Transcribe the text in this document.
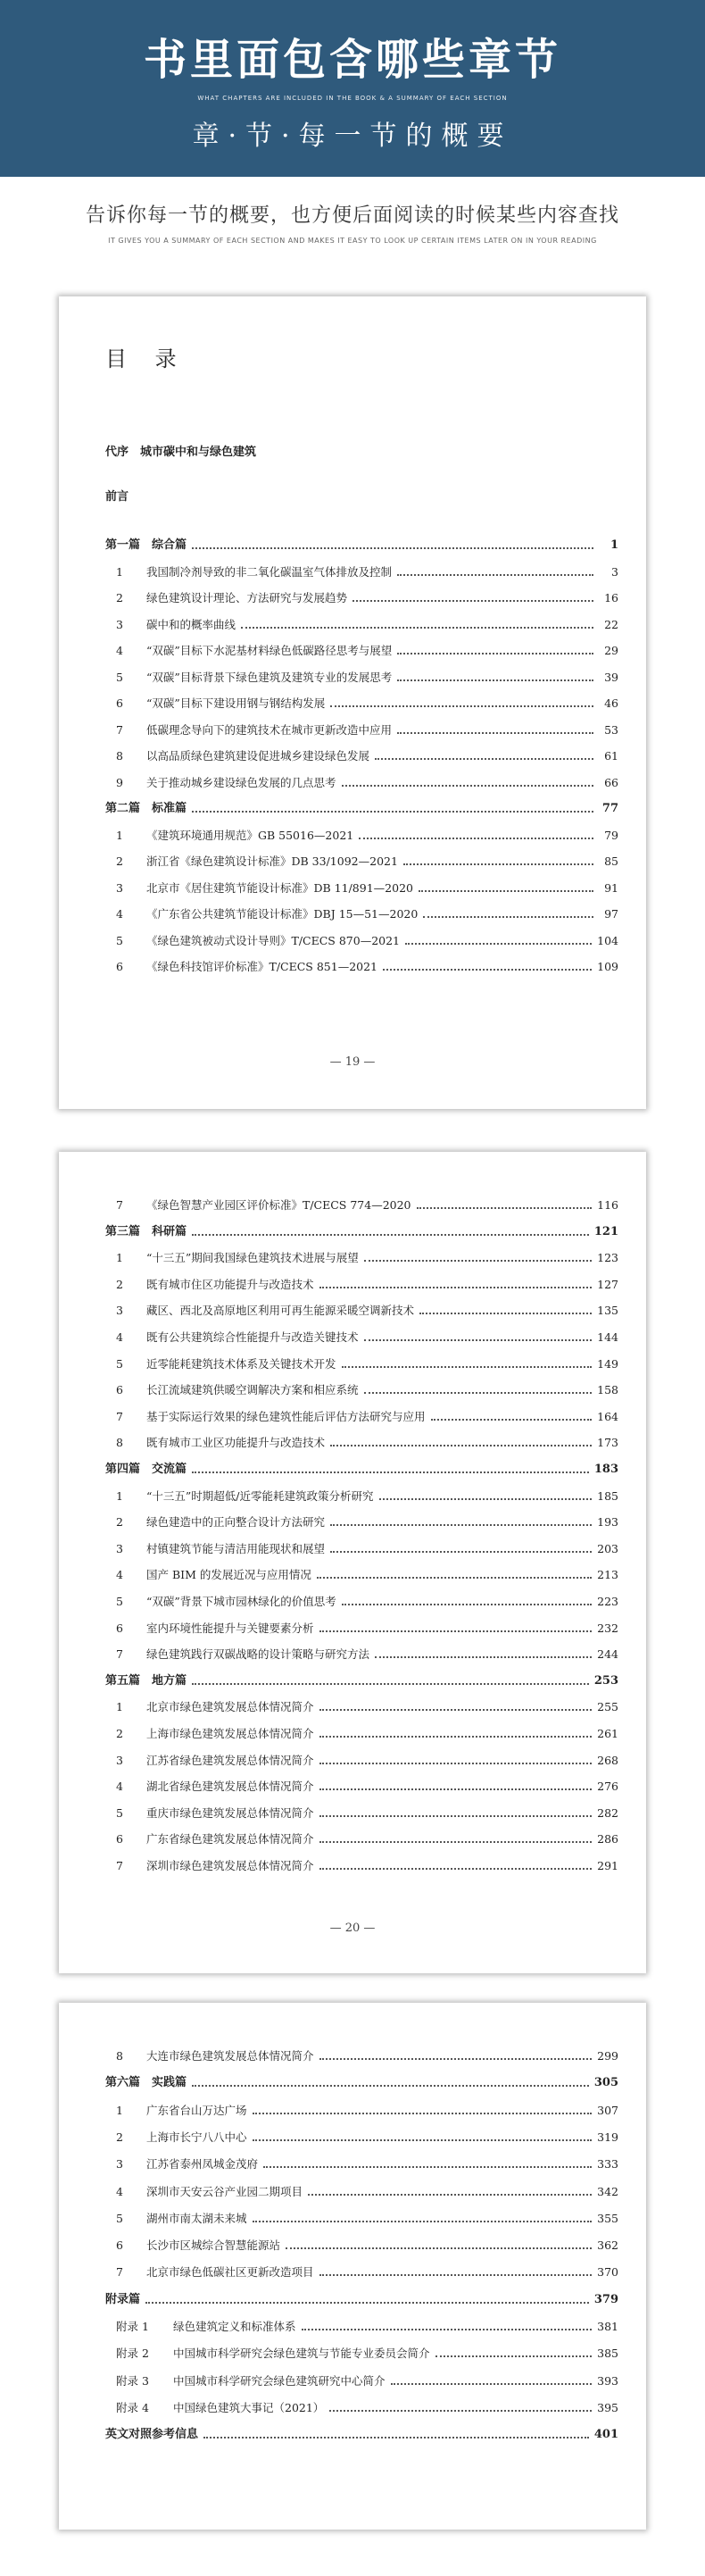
书里面包含哪些章节
WHAT CHAPTERS ARE INCLUDED IN THE BOOK & A SUMMARY OF EACH SECTION
章·节·每一节的概要
告诉你每一节的概要，也方便后面阅读的时候某些内容查找
IT GIVES YOU A SUMMARY OF EACH SECTION AND MAKES IT EASY TO LOOK UP CERTAIN ITEMS LATER ON IN YOUR READING
目 录
代序　城市碳中和与绿色建筑
前言
— 19 —
第一篇　综合篇	1
1	我国制冷剂导致的非二氧化碳温室气体排放及控制	3
2	绿色建筑设计理论、方法研究与发展趋势	16
3	碳中和的概率曲线	22
4	“双碳”目标下水泥基材料绿色低碳路径思考与展望	29
5	“双碳”目标背景下绿色建筑及建筑专业的发展思考	39
6	“双碳”目标下建设用钢与钢结构发展	46
7	低碳理念导向下的建筑技术在城市更新改造中应用	53
8	以高品质绿色建筑建设促进城乡建设绿色发展	61
9	关于推动城乡建设绿色发展的几点思考	66
第二篇　标准篇	77
1	《建筑环境通用规范》GB 55016—2021	79
2	浙江省《绿色建筑设计标准》DB 33/1092—2021	85
3	北京市《居住建筑节能设计标准》DB 11/891—2020	91
4	《广东省公共建筑节能设计标准》DBJ 15—51—2020	97
5	《绿色建筑被动式设计导则》T/CECS 870—2021	104
6	《绿色科技馆评价标准》T/CECS 851—2021	109
— 20 —
7	《绿色智慧产业园区评价标准》T/CECS 774—2020	116
第三篇　科研篇	121
1	“十三五”期间我国绿色建筑技术进展与展望	123
2	既有城市住区功能提升与改造技术	127
3	藏区、西北及高原地区利用可再生能源采暖空调新技术	135
4	既有公共建筑综合性能提升与改造关键技术	144
5	近零能耗建筑技术体系及关键技术开发	149
6	长江流域建筑供暖空调解决方案和相应系统	158
7	基于实际运行效果的绿色建筑性能后评估方法研究与应用	164
8	既有城市工业区功能提升与改造技术	173
第四篇　交流篇	183
1	“十三五”时期超低/近零能耗建筑政策分析研究	185
2	绿色建造中的正向整合设计方法研究	193
3	村镇建筑节能与清洁用能现状和展望	203
4	国产 BIM 的发展近况与应用情况	213
5	“双碳”背景下城市园林绿化的价值思考	223
6	室内环境性能提升与关键要素分析	232
7	绿色建筑践行双碳战略的设计策略与研究方法	244
第五篇　地方篇	253
1	北京市绿色建筑发展总体情况简介	255
2	上海市绿色建筑发展总体情况简介	261
3	江苏省绿色建筑发展总体情况简介	268
4	湖北省绿色建筑发展总体情况简介	276
5	重庆市绿色建筑发展总体情况简介	282
6	广东省绿色建筑发展总体情况简介	286
7	深圳市绿色建筑发展总体情况简介	291
8	大连市绿色建筑发展总体情况简介	299
第六篇　实践篇	305
1	广东省台山万达广场	307
2	上海市长宁八八中心	319
3	江苏省泰州凤城金茂府	333
4	深圳市天安云谷产业园二期项目	342
5	湖州市南太湖未来城	355
6	长沙市区城综合智慧能源站	362
7	北京市绿色低碳社区更新改造项目	370
附录篇	379
附录 1	绿色建筑定义和标准体系	381
附录 2	中国城市科学研究会绿色建筑与节能专业委员会简介	385
附录 3	中国城市科学研究会绿色建筑研究中心简介	393
附录 4	中国绿色建筑大事记（2021）	395
英文对照参考信息	401
